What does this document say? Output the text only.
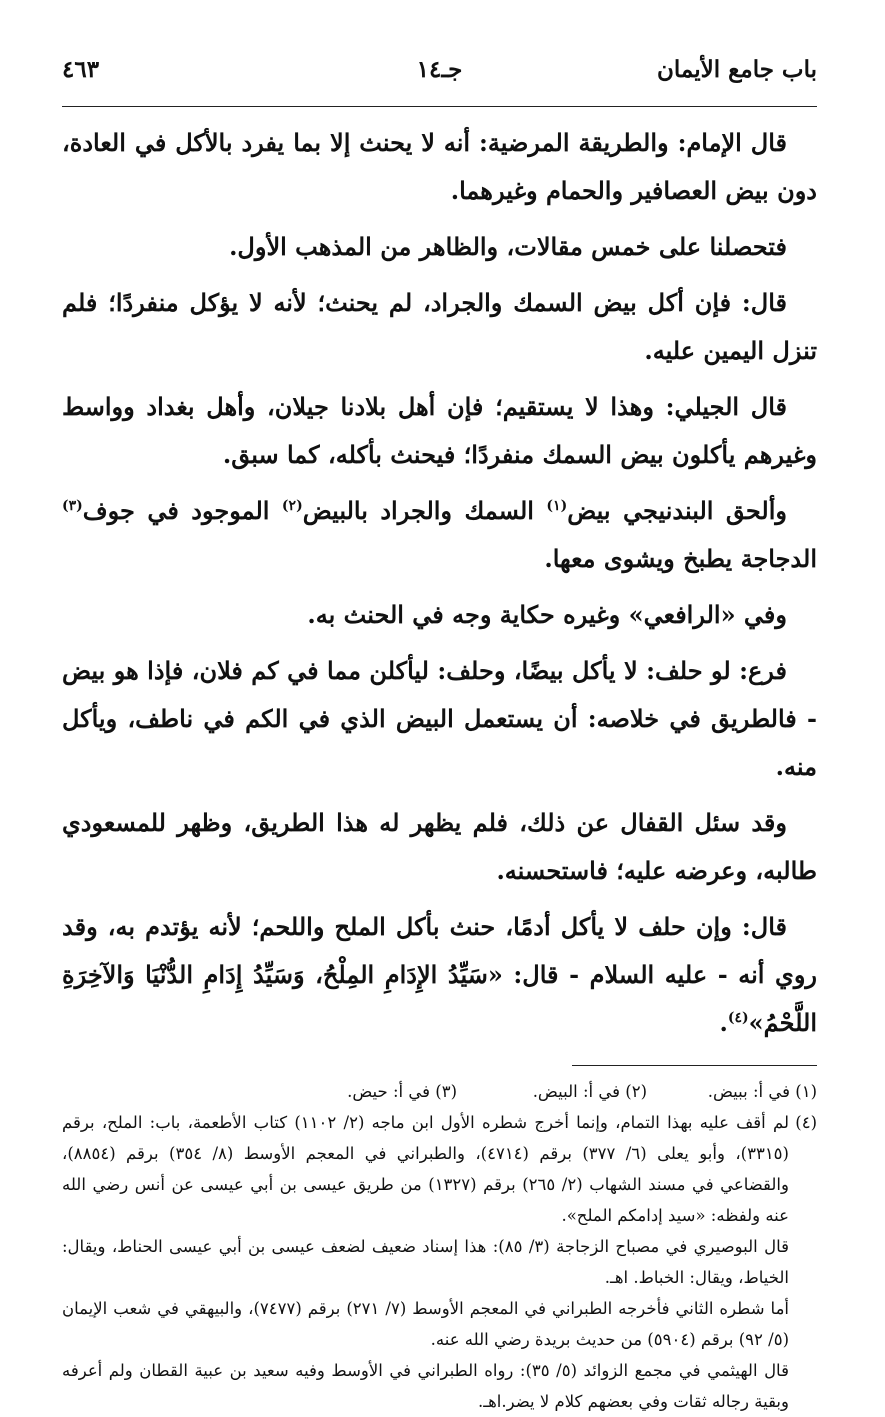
باب جامع الأيمان
جـ١٤
٤٦٣

قال الإمام: والطريقة المرضية: أنه لا يحنث إلا بما يفرد بالأكل في العادة، دون بيض العصافير والحمام وغيرهما.

فتحصلنا على خمس مقالات، والظاهر من المذهب الأول.

قال: فإن أكل بيض السمك والجراد، لم يحنث؛ لأنه لا يؤكل منفردًا؛ فلم تنزل اليمين عليه.

قال الجيلي: وهذا لا يستقيم؛ فإن أهل بلادنا جيلان، وأهل بغداد وواسط وغيرهم يأكلون بيض السمك منفردًا؛ فيحنث بأكله، كما سبق.

وألحق البندنيجي بيض$^{(١)}$ السمك والجراد بالبيض$^{(٢)}$ الموجود في جوف$^{(٣)}$ الدجاجة يطبخ ويشوى معها.

وفي «الرافعي» وغيره حكاية وجه في الحنث به.

فرع: لو حلف: لا يأكل بيضًا، وحلف: ليأكلن مما في كم فلان، فإذا هو بيض - فالطريق في خلاصه: أن يستعمل البيض الذي في الكم في ناطف، ويأكل منه.

وقد سئل القفال عن ذلك، فلم يظهر له هذا الطريق، وظهر للمسعودي طالبه، وعرضه عليه؛ فاستحسنه.

قال: وإن حلف لا يأكل أدمًا، حنث بأكل الملح واللحم؛ لأنه يؤتدم به، وقد روي أنه - عليه السلام - قال: «سَيِّدُ الإِدَامِ المِلْحُ، وَسَيِّدُ إِدَامِ الدُّنْيَا وَالآخِرَةِ اللَّحْمُ»$^{(٤)}$.

(١) في أ: ببيض.
(٢) في أ: البيض.
(٣) في أ: حيض.
(٤)

لم أقف عليه بهذا التمام، وإنما أخرج شطره الأول ابن ماجه (٢/ ١١٠٢) كتاب الأطعمة، باب: الملح، برقم (٣٣١٥)، وأبو يعلى (٦/ ٣٧٧) برقم (٤٧١٤)، والطبراني في المعجم الأوسط (٨/ ٣٥٤) برقم (٨٨٥٤)، والقضاعي في مسند الشهاب (٢/ ٢٦٥) برقم (١٣٢٧) من طريق عيسى بن أبي عيسى عن أنس رضي الله عنه ولفظه: «سيد إدامكم الملح».

قال البوصيري في مصباح الزجاجة (٣/ ٨٥): هذا إسناد ضعيف لضعف عيسى بن أبي عيسى الحناط، ويقال: الخياط، ويقال: الخباط. اهـ.

أما شطره الثاني فأخرجه الطبراني في المعجم الأوسط (٧/ ٢٧١) برقم (٧٤٧٧)، والبيهقي في شعب الإيمان (٥/ ٩٢) برقم (٥٩٠٤) من حديث بريدة رضي الله عنه.

قال الهيثمي في مجمع الزوائد (٥/ ٣٥): رواه الطبراني في الأوسط وفيه سعيد بن عبية القطان ولم أعرفه وبقية رجاله ثقات وفي بعضهم كلام لا يضر.اهـ.
